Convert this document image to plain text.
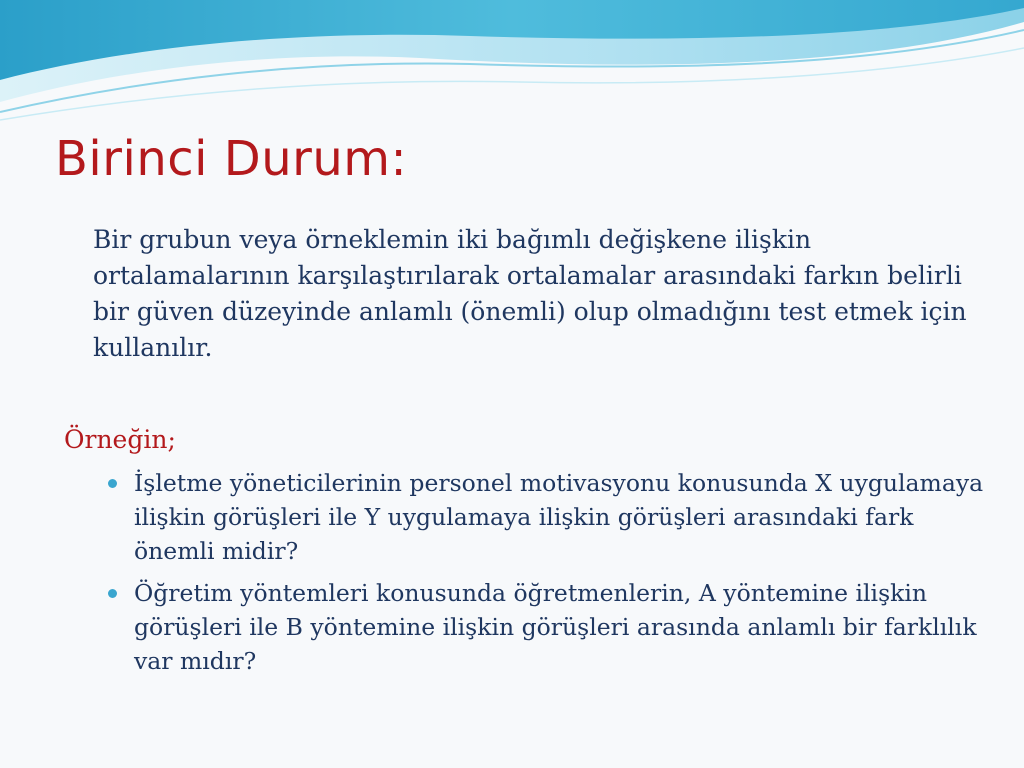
Birinci Durum:

Bir grubun veya örneklemin iki bağımlı değişkene ilişkin ortalamalarının karşılaştırılarak ortalamalar arasındaki farkın belirli bir güven düzeyinde anlamlı (önemli) olup olmadığını test etmek için kullanılır.

Örneğin;

İşletme yöneticilerinin personel motivasyonu konusunda X uygulamaya ilişkin görüşleri ile Y uygulamaya ilişkin görüşleri arasındaki fark önemli midir?
Öğretim yöntemleri konusunda öğretmenlerin, A yöntemine ilişkin görüşleri ile B yöntemine ilişkin görüşleri arasında anlamlı bir farklılık var mıdır?
